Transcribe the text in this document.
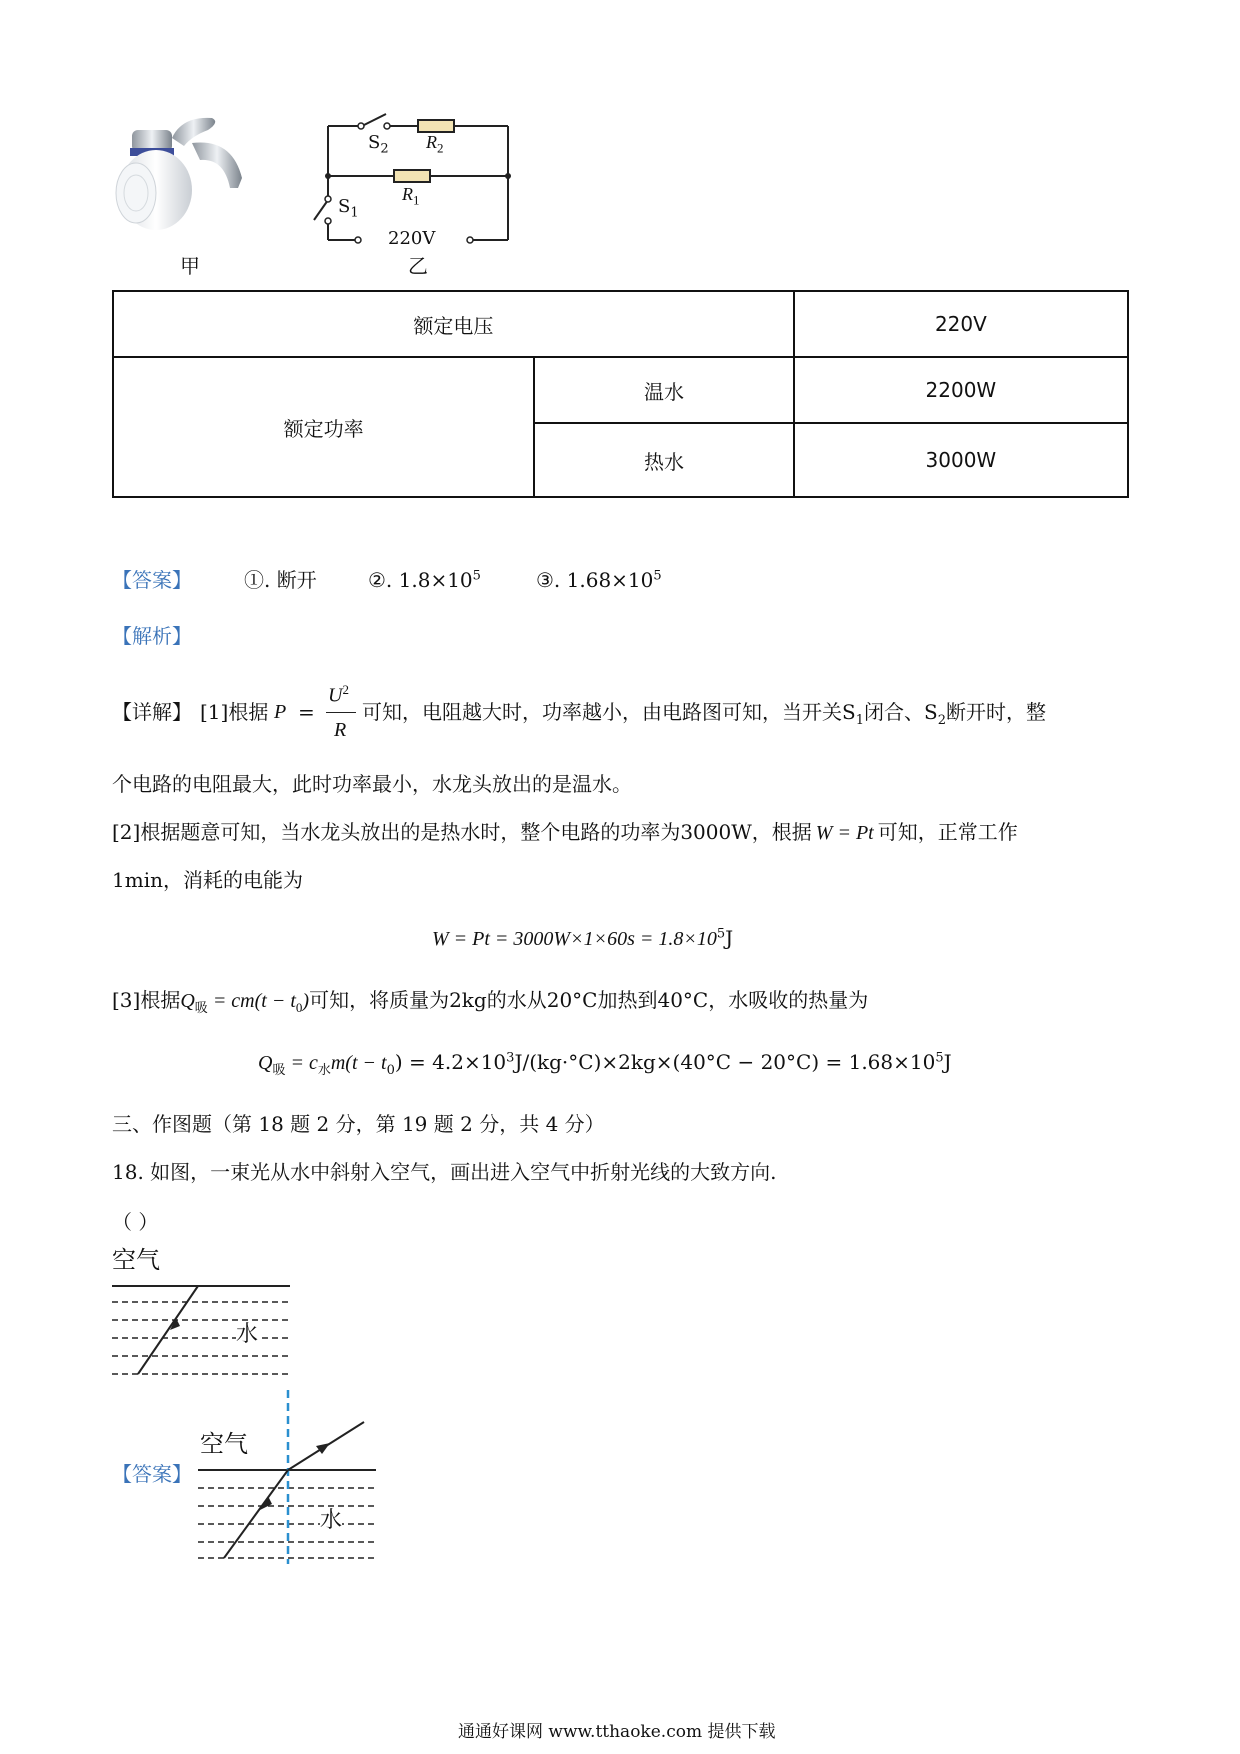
$S_2$ $R_2$
$R_1$
$S_1$
220V
甲	乙
额定电压		220V
额定功率	温水	2200W
	热水	3000W
【答案】	①. 断开	②. $1.8\times 10^5$	③. $1.68\times 10^5$
【解析】
【详解】 [1]根据 P =
$U^2$
R
可知，电阻越大时，功率越小，由电路图可知，当开关$S_1$闭合、$S_2$断开时，整
个电路的电阻最大，此时功率最小，水龙头放出的是温水。
[2]根据题意可知，当水龙头放出的是热水时，整个电路的功率为3000W，根据 W = Pt 可知，正常工作
1min，消耗的电能为
$W = Pt = 3000W\times 1\times 60s = 1.8\times 10^5J$
[3]根据$Q_吸 = cm(t - t_0)$可知，将质量为2kg的水从20°C加热到40°C，水吸收的热量为
$Q_吸 = c_水m(t - t_0) = 4.2\times 10^3J/(kg\cdot^\circ C)\times 2kg\times(40^\circ C - 20^\circ C) = 1.68\times 10^5J$
三、作图题（第 18 题 2 分，第 19 题 2 分，共 4 分）
18. 如图，一束光从水中斜射入空气，画出进入空气中折射光线的大致方向.
（ ）
空气
水
【答案】
空气
水
通通好课网 www.tthaoke.com 提供下载
